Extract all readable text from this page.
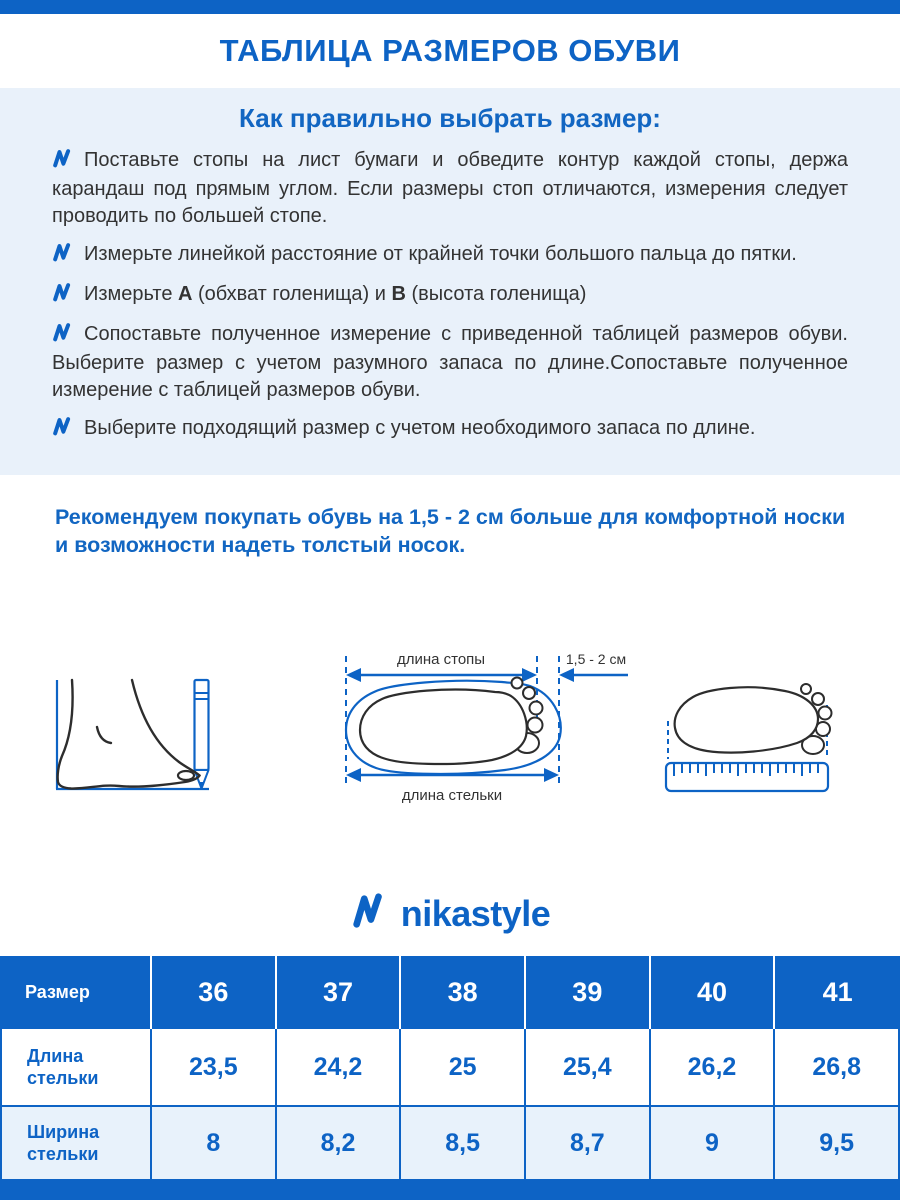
ТАБЛИЦА РАЗМЕРОВ ОБУВИ
Как правильно выбрать размер:

Поставьте стопы на лист бумаги и обведите контур каждой стопы, держа карандаш под прямым углом. Если размеры стоп отличаются, измерения следует проводить по большей стопе.

Измерьте линейкой расстояние от крайней точки большого пальца до пятки.

Измерьте А (обхват голенища) и В (высота голенища)

Сопоставьте полученное измерение с приведенной таблицей размеров обуви. Выберите размер с учетом разумного запаса по длине.Сопоставьте полученное измерение с таблицей размеров обуви.

Выберите подходящий размер с учетом необходимого запаса по длине.

Рекомендуем покупать обувь на 1,5 - 2 см больше для комфортной носки и возможности надеть толстый носок.
длина стопы	1,5 - 2 см
длина стельки
nikastyle
Размер	36	37	38	39	40	41
Длина стельки	23,5	24,2	25	25,4	26,2	26,8
Ширина стельки	8	8,2	8,5	8,7	9	9,5
